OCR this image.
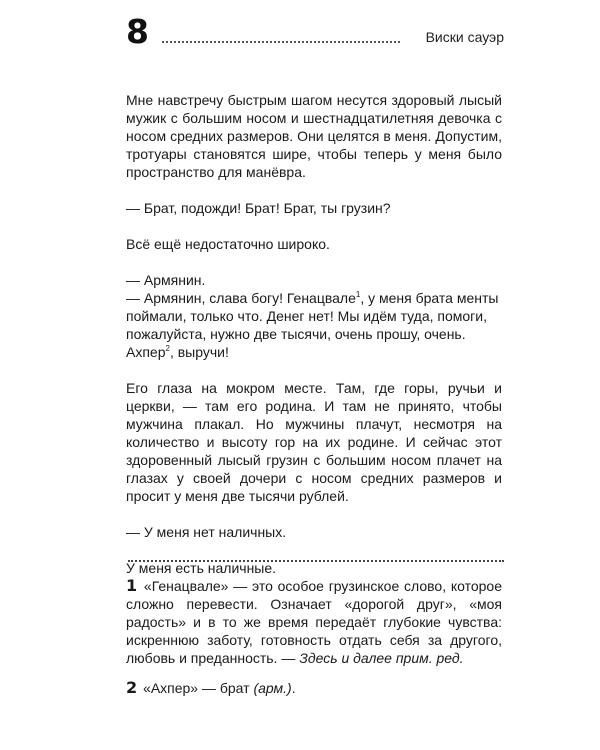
8	Виски сауэр

Мне навстречу быстрым шагом несутся здоровый лысый мужик с большим носом и шестнадцатилетняя девочка с носом средних размеров. Они целятся в меня. Допустим, тротуары становятся шире, чтобы теперь у меня было пространство для манёвра.

— Брат, подожди! Брат! Брат, ты грузин?

Всё ещё недостаточно широко.

— Армянин.

— Армянин, слава богу! Генацвале$^1$, у меня брата менты поймали, только что. Денег нет! Мы идём туда, помоги, пожалуйста, нужно две тысячи, очень прошу, очень. Ахпер$^2$, выручи!

Его глаза на мокром месте. Там, где горы, ручьи и церкви, — там его родина. И там не принято, чтобы мужчина плакал. Но мужчины плачут, несмотря на количество и высоту гор на их родине. И сейчас этот здоровенный лысый грузин с большим носом плачет на глазах у своей дочери с носом средних размеров и просит у меня две тысячи рублей.

— У меня нет наличных.

У меня есть наличные.

1 «Генацвале» — это особое грузинское слово, которое сложно перевести. Означает «дорогой друг», «моя радость» и в то же время передаёт глубокие чувства: искреннюю заботу, готовность отдать себя за другого, любовь и преданность. — Здесь и далее прим. ред.

2 «Ахпер» — брат (арм.).
